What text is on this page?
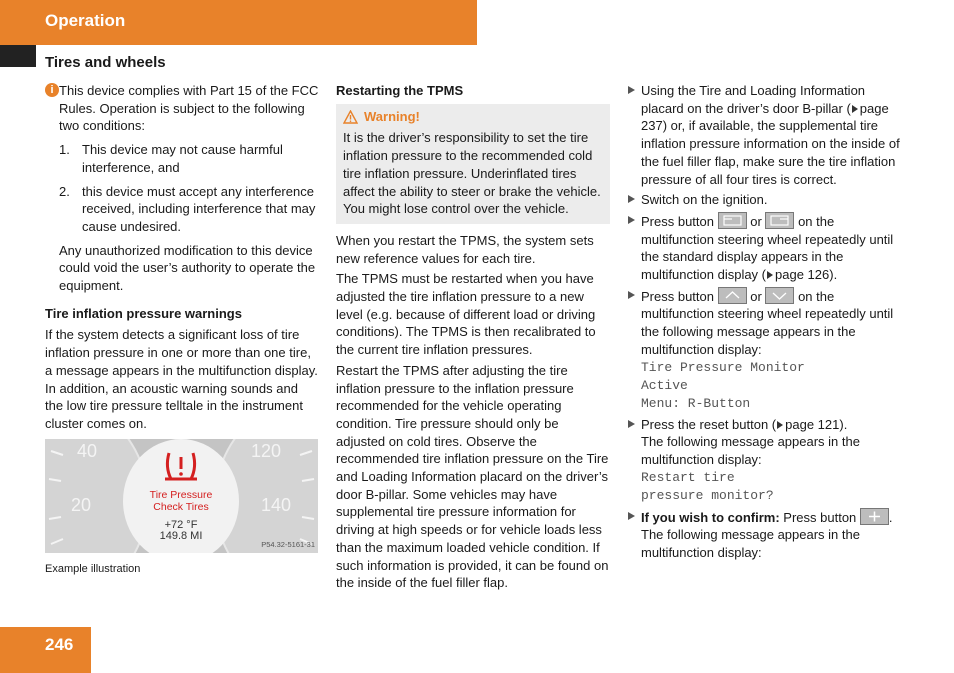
Operation
Tires and wheels
i This device complies with Part 15 of the FCC Rules. Operation is subject to the following two conditions:

1. This device may not cause harmful interference, and
2. this device must accept any interference received, including interference that may cause undesired.

Any unauthorized modification to this device could void the user’s authority to operate the equipment.

Tire inflation pressure warnings

If the system detects a significant loss of tire inflation pressure in one or more than one tire, a message appears in the multifunction display. In addition, an acoustic warning sounds and the low tire pressure telltale in the instrument cluster comes on.

40
20
120
140
Tire Pressure
Check Tires
+72 °F
149.8 MI
P54.32-5161-31
Example illustration
Restarting the TPMS
Warning!
It is the driver’s responsibility to set the tire inflation pressure to the recommended cold tire inflation pressure. Underinflated tires affect the ability to steer or brake the vehicle. You might lose control over the vehicle.

When you restart the TPMS, the system sets new reference values for each tire.

The TPMS must be restarted when you have adjusted the tire inflation pressure to a new level (e.g. because of different load or driving conditions). The TPMS is then recalibrated to the current tire inflation pressures.

Restart the TPMS after adjusting the tire inflation pressure to the inflation pressure recommended for the vehicle operating condition. Tire pressure should only be adjusted on cold tires. Observe the recommended tire inflation pressure on the Tire and Loading Information placard on the driver’s door B-pillar. Some vehicles may have supplemental tire pressure information for driving at high speeds or for vehicle loads less than the maximum loaded vehicle condition. If such information is provided, it can be found on the inside of the fuel filler flap.

Using the Tire and Loading Information placard on the driver’s door B-pillar ( page 237) or, if available, the supplemental tire inflation pressure information on the inside of the fuel filler flap, make sure the tire inflation pressure of all four tires is correct.
Switch on the ignition.
Press button	or	on the multifunction steering wheel repeatedly until the standard display appears in the multifunction display ( page 126).
Press button	or	on the multifunction steering wheel repeatedly until the following message appears in the multifunction display:
Tire Pressure Monitor
Active
Menu: R-Button
Press the reset button ( page 121).
The following message appears in the multifunction display:
Restart tire
pressure monitor?
If you wish to confirm: Press button	.
The following message appears in the multifunction display:
246
